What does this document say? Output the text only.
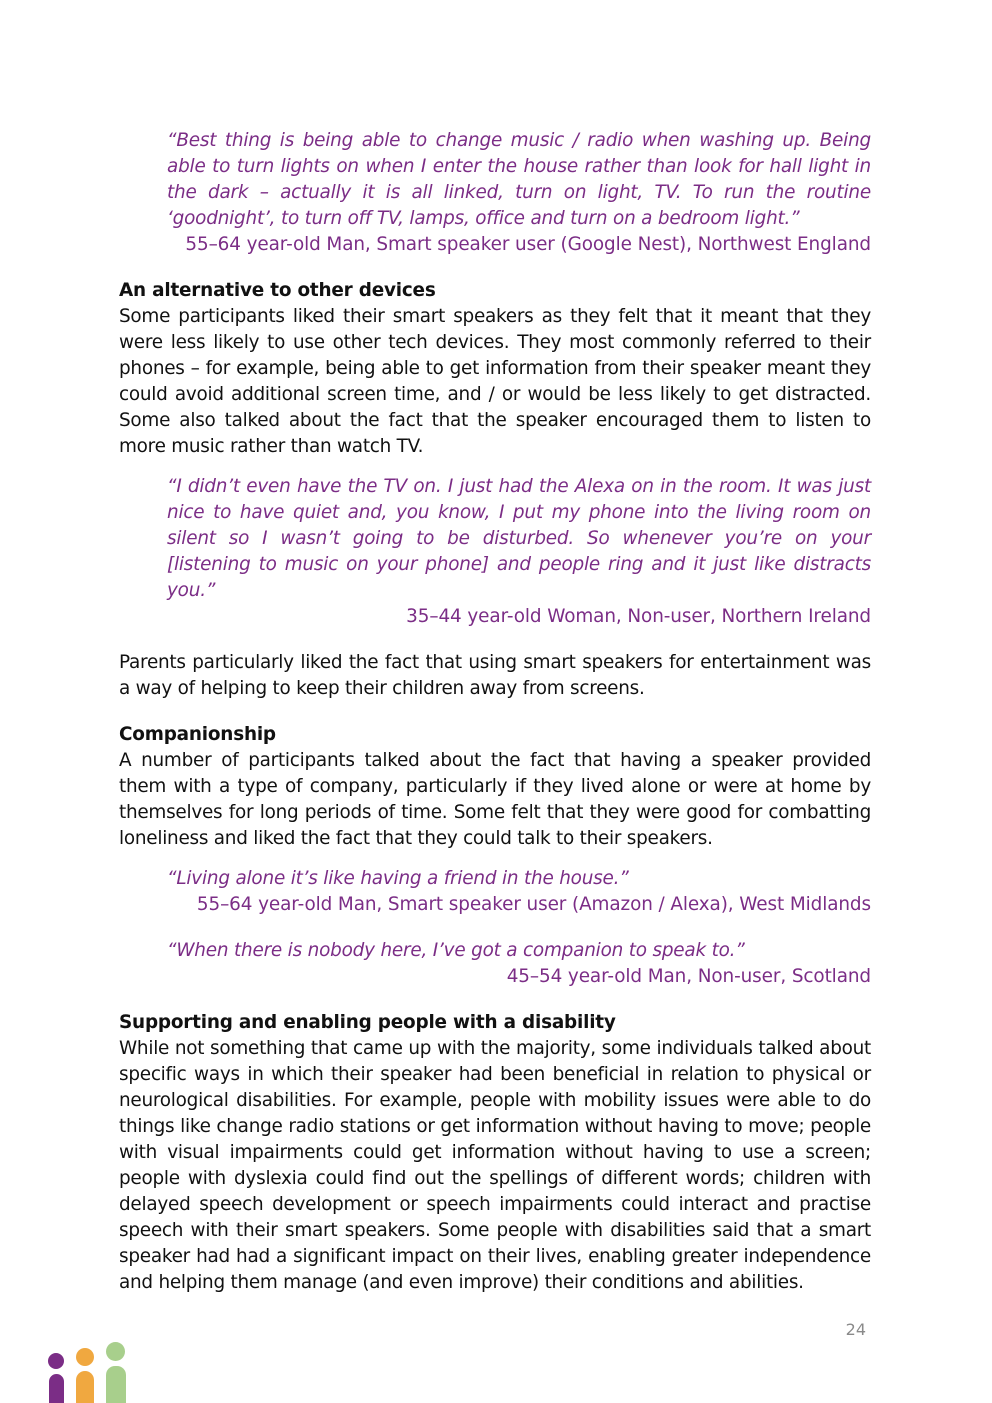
“Best thing is being able to change music / radio when washing up. Being able to turn lights on when I enter the house rather than look for hall light in the dark – actually it is all linked, turn on light, TV. To run the routine ‘goodnight’, to turn off TV, lamps, office and turn on a bedroom light.”

55–64 year-old Man, Smart speaker user (Google Nest), Northwest England

An alternative to other devices

Some participants liked their smart speakers as they felt that it meant that they were less likely to use other tech devices. They most commonly referred to their phones – for example, being able to get information from their speaker meant they could avoid additional screen time, and / or would be less likely to get distracted. Some also talked about the fact that the speaker encouraged them to listen to more music rather than watch TV.

“I didn’t even have the TV on. I just had the Alexa on in the room. It was just nice to have quiet and, you know, I put my phone into the living room on silent so I wasn’t going to be disturbed. So whenever you’re on your [listening to music on your phone] and people ring and it just like distracts you.”

35–44 year-old Woman, Non-user, Northern Ireland

Parents particularly liked the fact that using smart speakers for entertainment was a way of helping to keep their children away from screens.

Companionship

A number of participants talked about the fact that having a speaker provided them with a type of company, particularly if they lived alone or were at home by themselves for long periods of time. Some felt that they were good for combatting loneliness and liked the fact that they could talk to their speakers.

“Living alone it’s like having a friend in the house.”

55–64 year-old Man, Smart speaker user (Amazon / Alexa), West Midlands

“When there is nobody here, I’ve got a companion to speak to.”

45–54 year-old Man, Non-user, Scotland

Supporting and enabling people with a disability

While not something that came up with the majority, some individuals talked about specific ways in which their speaker had been beneficial in relation to physical or neurological disabilities. For example, people with mobility issues were able to do things like change radio stations or get information without having to move; people with visual impairments could get information without having to use a screen; people with dyslexia could find out the spellings of different words; children with delayed speech development or speech impairments could interact and practise speech with their smart speakers. Some people with disabilities said that a smart speaker had had a significant impact on their lives, enabling greater independence and helping them manage (and even improve) their conditions and abilities.

24
